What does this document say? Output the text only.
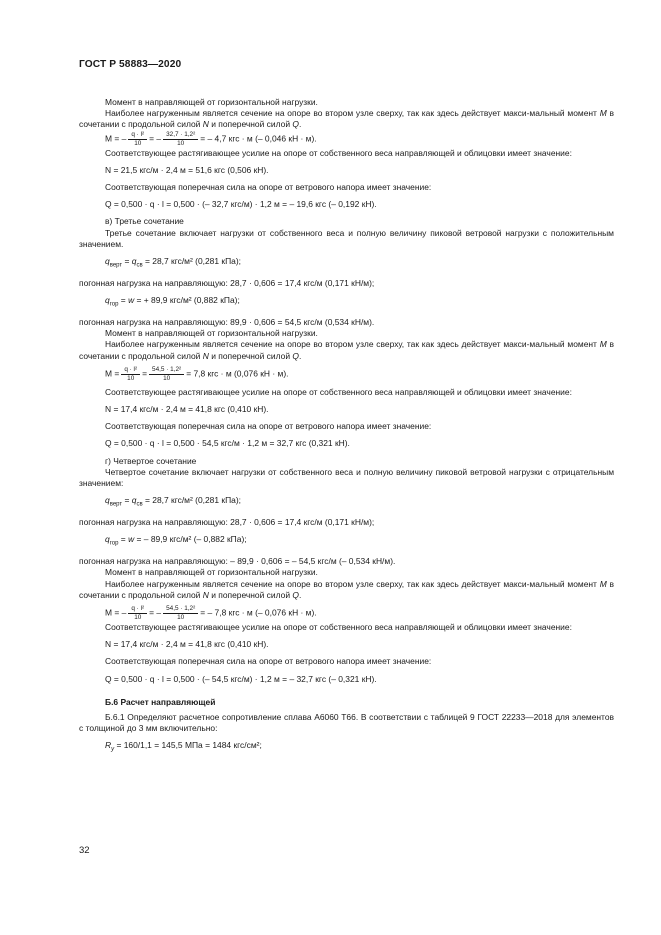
ГОСТ Р 58883—2020

Момент в направляющей от горизонтальной нагрузки.

Наиболее нагруженным является сечение на опоре во втором узле сверху, так как здесь действует макси-мальный момент M в сочетании с продольной силой N и поперечной силой Q.

M = – $\frac{\text{q · l²}}{10}$ = – $\frac{\text{32,7 · 1,2²}}{10}$ = – 4,7 кгс · м (– 0,046 кН · м).

Соответствующее растягивающее усилие на опоре от собственного веса направляющей и облицовки имеет значение:

N = 21,5 кгс/м · 2,4 м = 51,6 кгс (0,506 кН).

Соответствующая поперечная сила на опоре от ветрового напора имеет значение:

Q = 0,500 · q · l = 0,500 · (– 32,7 кгс/м) · 1,2 м = – 19,6 кгс (– 0,192 кН).

в) Третье сочетание

Третье сочетание включает нагрузки от собственного веса и полную величину пиковой ветровой нагрузки с положительным значением.

$q_{верт} = q_{св} = 28,7$ кгс/м² (0,281 кПа);

погонная нагрузка на направляющую: 28,7 · 0,606 = 17,4 кгс/м (0,171 кН/м);

$q_{гор} = w$ = + 89,9 кгс/м² (0,882 кПа);

погонная нагрузка на направляющую: 89,9 · 0,606 = 54,5 кгс/м (0,534 кН/м).

Момент в направляющей от горизонтальной нагрузки.

Наиболее нагруженным является сечение на опоре во втором узле сверху, так как здесь действует макси-мальный момент M в сочетании с продольной силой N и поперечной силой Q.

$M = \frac{\text{q · l²}}{10} = \frac{\text{54,5 · 1,2²}}{10} = 7,8$ кгс · м (0,076 кН · м).

Соответствующее растягивающее усилие на опоре от собственного веса направляющей и облицовки имеет значение:

N = 17,4 кгс/м · 2,4 м = 41,8 кгс (0,410 кН).

Соответствующая поперечная сила на опоре от ветрового напора имеет значение:

Q = 0,500 · q · l = 0,500 · 54,5 кгс/м · 1,2 м = 32,7 кгс (0,321 кН).

г) Четвертое сочетание

Четвертое сочетание включает нагрузки от собственного веса и полную величину пиковой ветровой нагрузки с отрицательным значением:

$q_{верт} = q_{св} = 28,7$ кгс/м² (0,281 кПа);

погонная нагрузка на направляющую: 28,7 · 0,606 = 17,4 кгс/м (0,171 кН/м);

$q_{гор} = w$ = – 89,9 кгс/м² (– 0,882 кПа);

погонная нагрузка на направляющую: – 89,9 · 0,606 = – 54,5 кгс/м (– 0,534 кН/м).

Момент в направляющей от горизонтальной нагрузки.

Наиболее нагруженным является сечение на опоре во втором узле сверху, так как здесь действует макси-мальный момент M в сочетании с продольной силой N и поперечной силой Q.

M = – $\frac{\text{q · l²}}{10}$ = – $\frac{\text{54,5 · 1,2²}}{10}$ = – 7,8 кгс · м (– 0,076 кН · м).

Соответствующее растягивающее усилие на опоре от собственного веса направляющей и облицовки имеет значение:

N = 17,4 кгс/м · 2,4 м = 41,8 кгс (0,410 кН).

Соответствующая поперечная сила на опоре от ветрового напора имеет значение:

Q = 0,500 · q · l = 0,500 · (– 54,5 кгс/м) · 1,2 м = – 32,7 кгс (– 0,321 кН).

Б.6 Расчет направляющей

Б.6.1 Определяют расчетное сопротивление сплава А6060 Т66. В соответствии с таблицей 9 ГОСТ 22233—2018 для элементов с толщиной до 3 мм включительно:

$R_y = 160/1,1 = 145,5$ МПа = 1484 кгс/см²;

32
